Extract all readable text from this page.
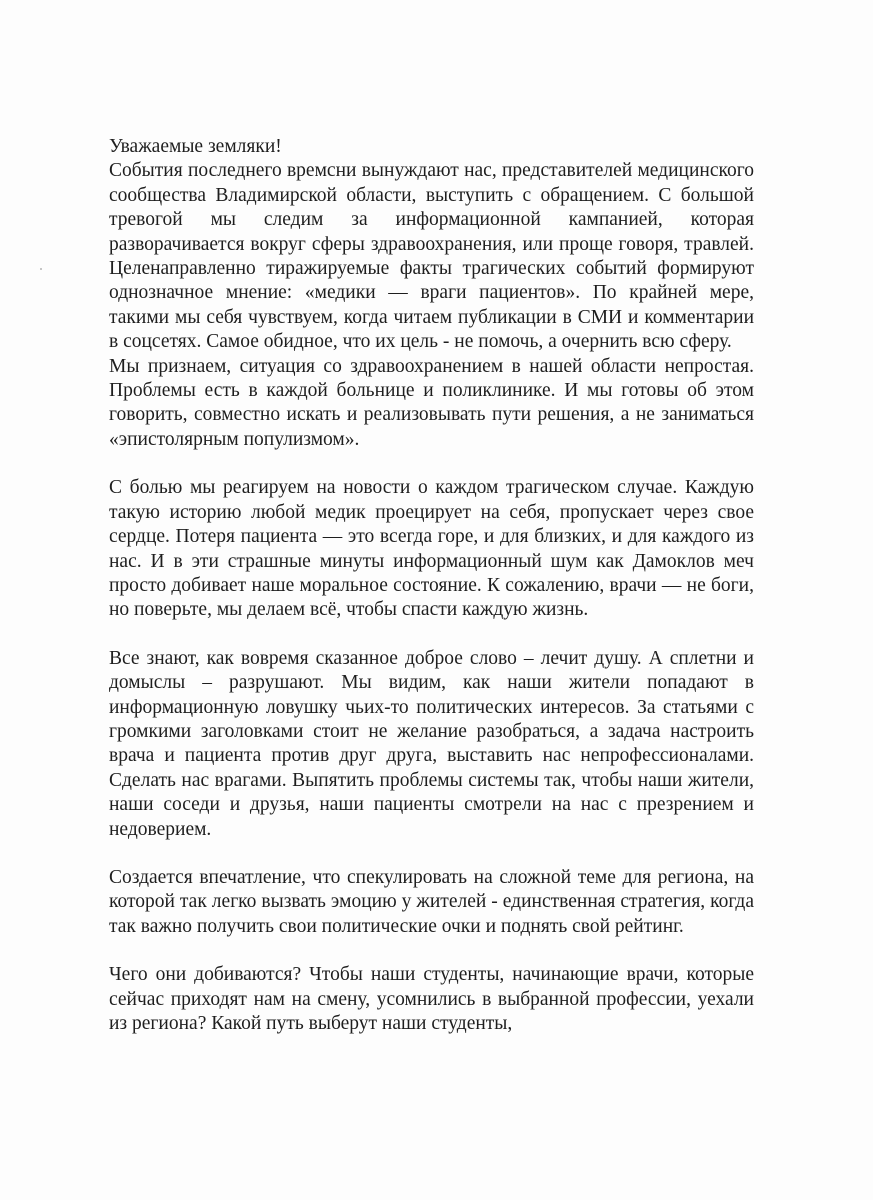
Уважаемые земляки!

События последнего времсни вынуждают нас, представителей медицинского сообщества Владимирской области, выступить с обращением. С большой тревогой мы следим за информационной кампанией, которая разворачивается вокруг сферы здравоохранения, или проще говоря, травлей. Целенаправленно тиражируемые факты трагических событий формируют однозначное мнение: «медики — враги пациентов». По крайней мере, такими мы себя чувствуем, когда читаем публикации в СМИ и комментарии в соцсетях. Самое обидное, что их цель - не помочь, а очернить всю сферу.

Мы признаем, ситуация со здравоохранением в нашей области непростая. Проблемы есть в каждой больнице и поликлинике. И мы готовы об этом говорить, совместно искать и реализовывать пути решения, а не заниматься «эпистолярным популизмом».

С болью мы реагируем на новости о каждом трагическом случае. Каждую такую историю любой медик проецирует на себя, пропускает через свое сердце. Потеря пациента — это всегда горе, и для близких, и для каждого из нас. И в эти страшные минуты информационный шум как Дамоклов меч просто добивает наше моральное состояние. К сожалению, врачи — не боги, но поверьте, мы делаем всё, чтобы спасти каждую жизнь.

Все знают, как вовремя сказанное доброе слово – лечит душу. А сплетни и домыслы – разрушают. Мы видим, как наши жители попадают в информационную ловушку чьих-то политических интересов. За статьями с громкими заголовками стоит не желание разобраться, а задача настроить врача и пациента против друг друга, выставить нас непрофессионалами. Сделать нас врагами. Выпятить проблемы системы так, чтобы наши жители, наши соседи и друзья, наши пациенты смотрели на нас с презрением и недоверием.

Создается впечатление, что спекулировать на сложной теме для региона, на которой так легко вызвать эмоцию у жителей - единственная стратегия, когда так важно получить свои политические очки и поднять свой рейтинг.

Чего они добиваются? Чтобы наши студенты, начинающие врачи, которые сейчас приходят нам на смену, усомнились в выбранной профессии, уехали из региона? Какой путь выберут наши студенты,
